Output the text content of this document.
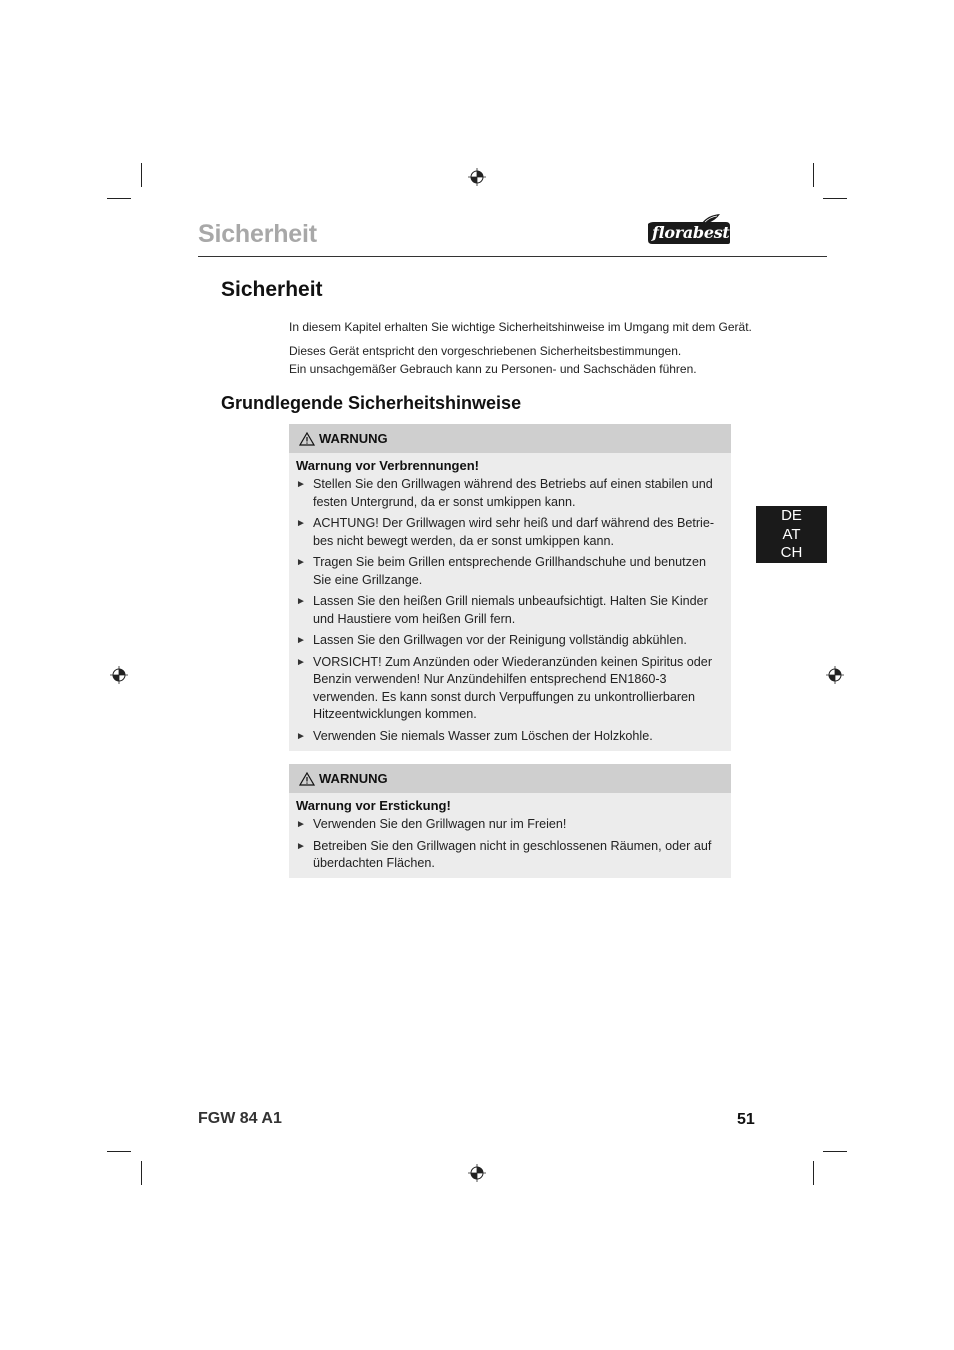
Sicherheit	florabest
Sicherheit
In diesem Kapitel erhalten Sie wichtige Sicherheitshinweise im Umgang mit dem Gerät.
Dieses Gerät entspricht den vorgeschriebenen Sicherheitsbestimmungen.
Ein unsachgemäßer Gebrauch kann zu Personen- und Sachschäden führen.
Grundlegende Sicherheitshinweise
DE
AT
CH
WARNUNG
Warnung vor Verbrennungen!
► Stellen Sie den Grillwagen während des Betriebs auf einen stabilen und festen Untergrund, da er sonst umkippen kann.
► ACHTUNG! Der Grillwagen wird sehr heiß und darf während des Betriebes nicht bewegt werden, da er sonst umkippen kann.
► Tragen Sie beim Grillen entsprechende Grillhandschuhe und benutzen Sie eine Grillzange.
► Lassen Sie den heißen Grill niemals unbeaufsichtigt. Halten Sie Kinder und Haustiere vom heißen Grill fern.
► Lassen Sie den Grillwagen vor der Reinigung vollständig abkühlen.
► VORSICHT! Zum Anzünden oder Wiederanzünden keinen Spiritus oder Benzin verwenden! Nur Anzündehilfen entsprechend EN1860-3 verwenden. Es kann sonst durch Verpuffungen zu unkontrollierbaren Hitzeentwicklungen kommen.
► Verwenden Sie niemals Wasser zum Löschen der Holzkohle.
WARNUNG
Warnung vor Erstickung!
► Verwenden Sie den Grillwagen nur im Freien!
► Betreiben Sie den Grillwagen nicht in geschlossenen Räumen, oder auf überdachten Flächen.
FGW 84 A1	51
